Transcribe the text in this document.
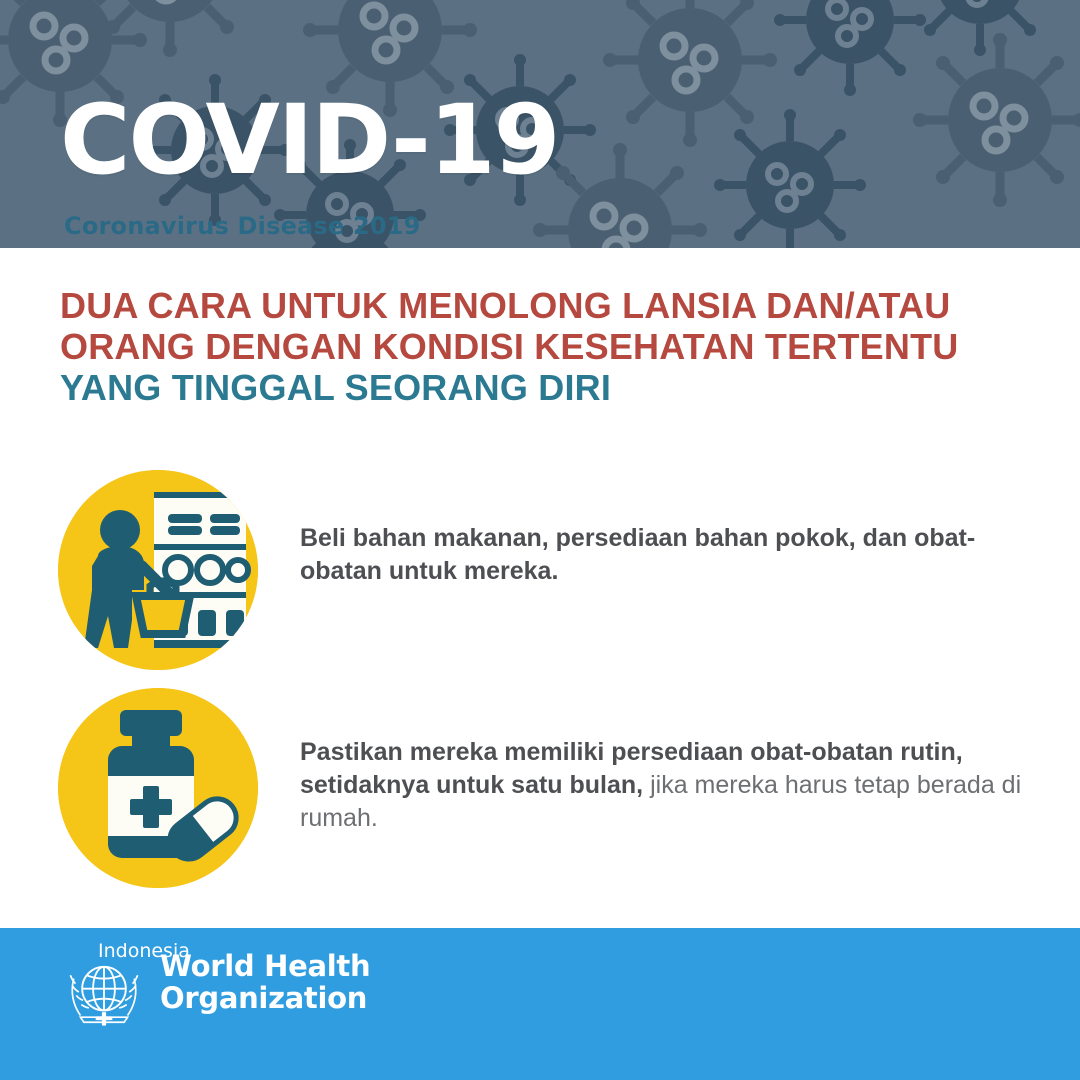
COVID-19
Coronavirus Disease 2019
DUA CARA UNTUK MENOLONG LANSIA DAN/ATAU
ORANG DENGAN KONDISI KESEHATAN TERTENTU
YANG TINGGAL SEORANG DIRI
Beli bahan makanan, persediaan bahan pokok, dan obat-obatan untuk mereka.
Pastikan mereka memiliki persediaan obat-obatan rutin, setidaknya untuk satu bulan, jika mereka harus tetap berada di rumah.
World Health
Organization
Indonesia
